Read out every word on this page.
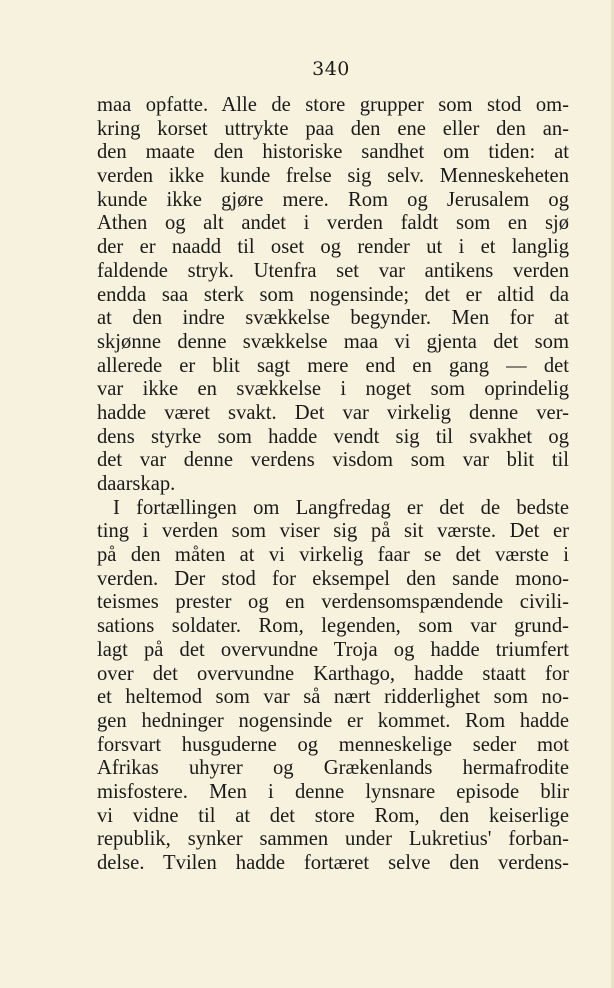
340
maa opfatte. Alle de store grupper som stod om-
kring korset uttrykte paa den ene eller den an-
den maate den historiske sandhet om tiden: at
verden ikke kunde frelse sig selv. Menneskeheten
kunde ikke gjøre mere. Rom og Jerusalem og
Athen og alt andet i verden faldt som en sjø
der er naadd til oset og render ut i et langlig
faldende stryk. Utenfra set var antikens verden
endda saa sterk som nogensinde; det er altid da
at den indre svækkelse begynder. Men for at
skjønne denne svækkelse maa vi gjenta det som
allerede er blit sagt mere end en gang — det
var ikke en svækkelse i noget som oprindelig
hadde været svakt. Det var virkelig denne ver-
dens styrke som hadde vendt sig til svakhet og
det var denne verdens visdom som var blit til
daarskap.
I fortællingen om Langfredag er det de bedste
ting i verden som viser sig på sit værste. Det er
på den måten at vi virkelig faar se det værste i
verden. Der stod for eksempel den sande mono-
teismes prester og en verdensomspændende civili-
sations soldater. Rom, legenden, som var grund-
lagt på det overvundne Troja og hadde triumfert
over det overvundne Karthago, hadde staatt for
et heltemod som var så nært ridderlighet som no-
gen hedninger nogensinde er kommet. Rom hadde
forsvart husguderne og menneskelige seder mot
Afrikas uhyrer og Grækenlands hermafrodite
misfostere. Men i denne lynsnare episode blir
vi vidne til at det store Rom, den keiserlige
republik, synker sammen under Lukretius' forban-
delse. Tvilen hadde fortæret selve den verdens-
